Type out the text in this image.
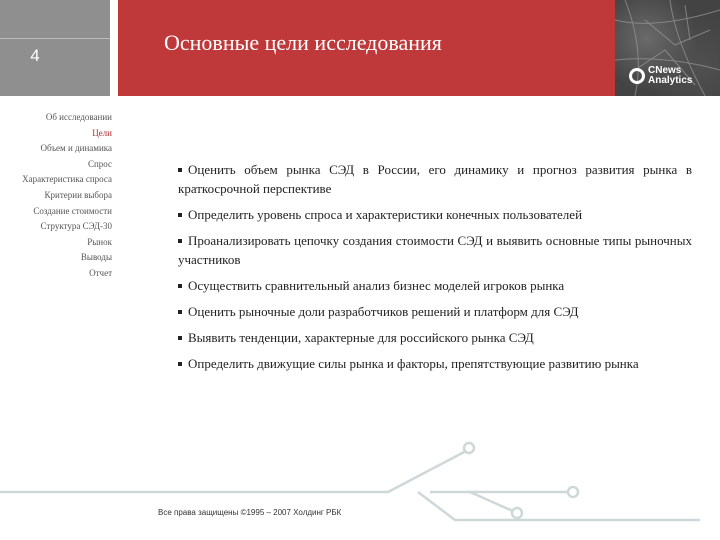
4
Основные цели исследования
CNews
Analytics
Об исследовании
Цели
Объем и динамика
Спрос
Характеристика спроса
Критерии выбора
Создание стоимости
Структура СЭД-30
Рынок
Выводы
Отчет
Оценить объем рынка СЭД в России, его динамику и прогноз развития рынка в краткосрочной перспективе
Определить уровень спроса и характеристики конечных пользователей
Проанализировать цепочку создания стоимости СЭД и выявить основные типы рыночных участников
Осуществить сравнительный анализ бизнес моделей игроков рынка
Оценить рыночные доли разработчиков решений и платформ для СЭД
Выявить тенденции, характерные для российского рынка СЭД
Определить движущие силы рынка и факторы, препятствующие развитию рынка
Все права защищены ©1995 – 2007 Холдинг РБК
